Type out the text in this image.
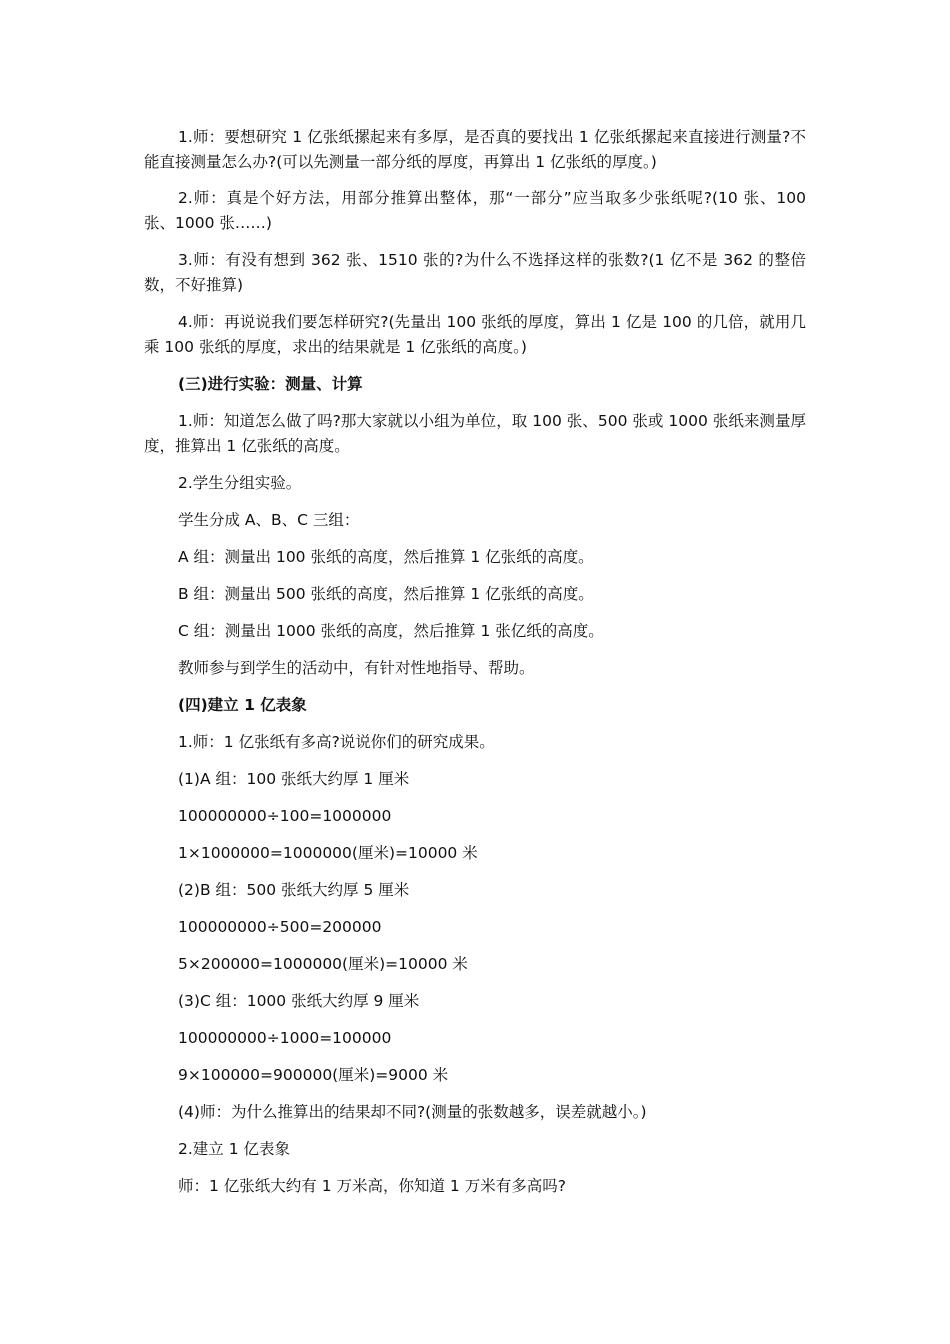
1.师：要想研究 1 亿张纸摞起来有多厚，是否真的要找出 1 亿张纸摞起来直接进行测量?不能直接测量怎么办?(可以先测量一部分纸的厚度，再算出 1 亿张纸的厚度。)

2.师：真是个好方法，用部分推算出整体，那“一部分”应当取多少张纸呢?(10 张、100 张、1000 张……)

3.师：有没有想到 362 张、1510 张的?为什么不选择这样的张数?(1 亿不是 362 的整倍数，不好推算)

4.师：再说说我们要怎样研究?(先量出 100 张纸的厚度，算出 1 亿是 100 的几倍，就用几乘 100 张纸的厚度，求出的结果就是 1 亿张纸的高度。)

(三)进行实验：测量、计算

1.师：知道怎么做了吗?那大家就以小组为单位，取 100 张、500 张或 1000 张纸来测量厚度，推算出 1 亿张纸的高度。

2.学生分组实验。

学生分成 A、B、C 三组：

A 组：测量出 100 张纸的高度，然后推算 1 亿张纸的高度。

B 组：测量出 500 张纸的高度，然后推算 1 亿张纸的高度。

C 组：测量出 1000 张纸的高度，然后推算 1 张亿纸的高度。

教师参与到学生的活动中，有针对性地指导、帮助。

(四)建立 1 亿表象

1.师：1 亿张纸有多高?说说你们的研究成果。

(1)A 组：100 张纸大约厚 1 厘米

100000000÷100=1000000

1×1000000=1000000(厘米)=10000 米

(2)B 组：500 张纸大约厚 5 厘米

100000000÷500=200000

5×200000=1000000(厘米)=10000 米

(3)C 组：1000 张纸大约厚 9 厘米

100000000÷1000=100000

9×100000=900000(厘米)=9000 米

(4)师：为什么推算出的结果却不同?(测量的张数越多，误差就越小。)

2.建立 1 亿表象

师：1 亿张纸大约有 1 万米高，你知道 1 万米有多高吗?
